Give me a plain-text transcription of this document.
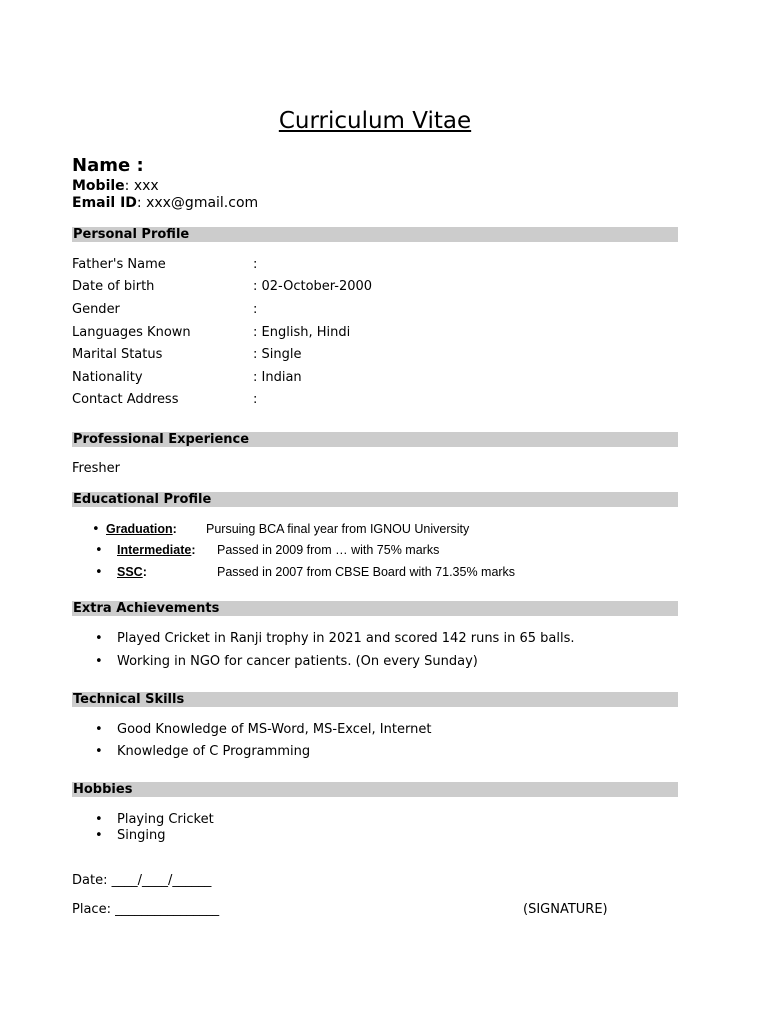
Curriculum Vitae
Name :
Mobile: xxx
Email ID: xxx@gmail.com
Personal Profile
Father's Name	:
Date of birth	: 02-October-2000
Gender	:
Languages Known	: English, Hindi
Marital Status	: Single
Nationality	: Indian
Contact Address	:
Professional Experience
Fresher
Educational Profile
• Graduation: Pursuing BCA final year from IGNOU University
• Intermediate: Passed in 2009 from … with 75% marks
• SSC:	Passed in 2007 from CBSE Board with 71.35% marks
Extra Achievements
• Played Cricket in Ranji trophy in 2021 and scored 142 runs in 65 balls.
• Working in NGO for cancer patients. (On every Sunday)
Technical Skills
• Good Knowledge of MS-Word, MS-Excel, Internet
• Knowledge of C Programming
Hobbies
• Playing Cricket
• Singing
Date: ____/____/______
Place: ________________	(SIGNATURE)
